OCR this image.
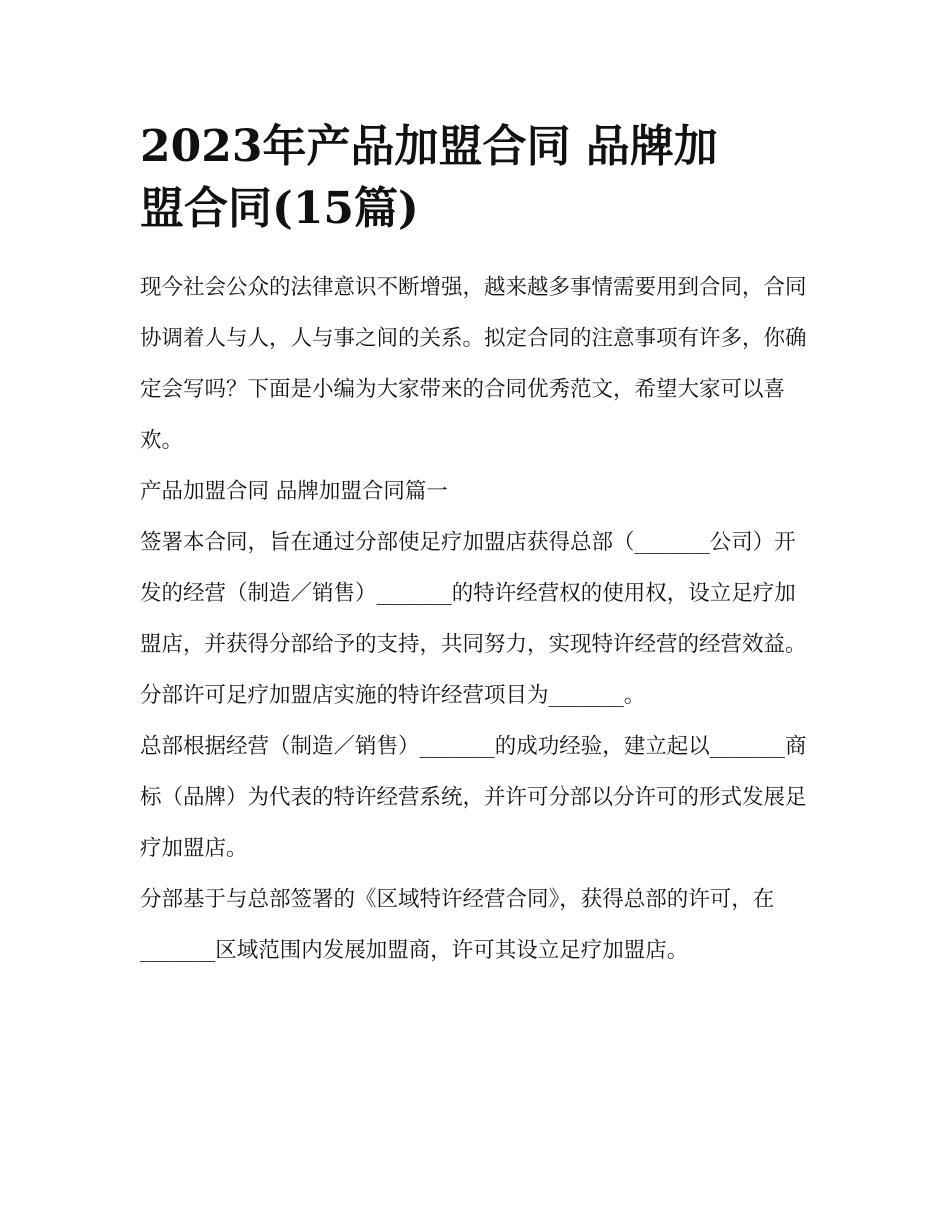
2023年产品加盟合同 品牌加
盟合同(15篇)

现今社会公众的法律意识不断增强，越来越多事情需要用到合同，合同协调着人与人，人与事之间的关系。拟定合同的注意事项有许多，你确定会写吗？下面是小编为大家带来的合同优秀范文，希望大家可以喜欢。

产品加盟合同 品牌加盟合同篇一

签署本合同，旨在通过分部使足疗加盟店获得总部（_______公司）开发的经营（制造／销售）_______的特许经营权的使用权，设立足疗加盟店，并获得分部给予的支持，共同努力，实现特许经营的经营效益。

分部许可足疗加盟店实施的特许经营项目为_______。

总部根据经营（制造／销售）_______的成功经验，建立起以_______商标（品牌）为代表的特许经营系统，并许可分部以分许可的形式发展足疗加盟店。

分部基于与总部签署的《区域特许经营合同》，获得总部的许可，在_______区域范围内发展加盟商，许可其设立足疗加盟店。
